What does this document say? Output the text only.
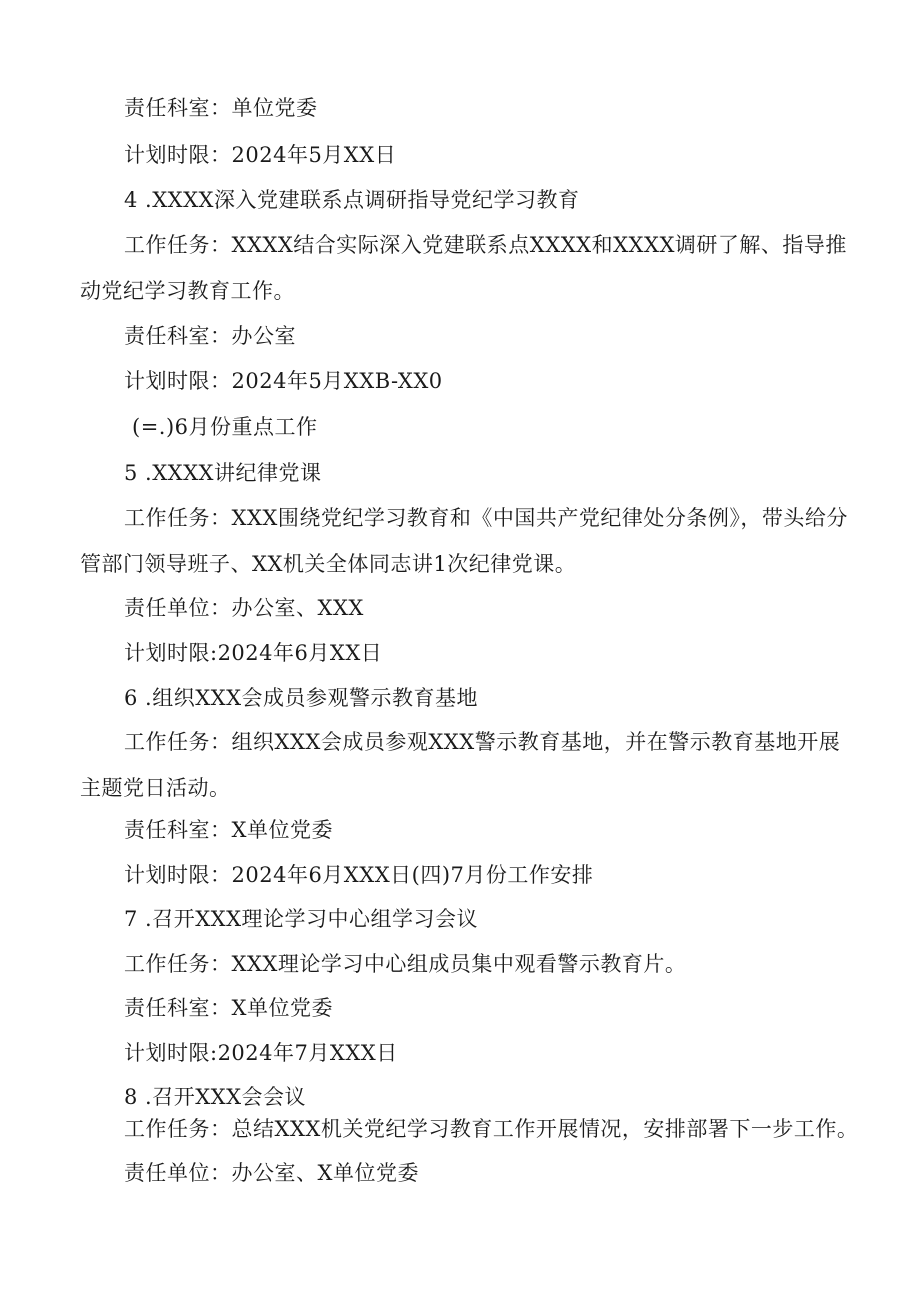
责任科室：单位党委

计划时限：2024年5月XX日

4 .XXXX深入党建联系点调研指导党纪学习教育

工作任务：XXXX结合实际深入党建联系点XXXX和XXXX调研了解、指导推动党纪学习教育工作。

责任科室：办公室

计划时限：2024年5月XXB-XX0

(=.)6月份重点工作

5 .XXXX讲纪律党课

工作任务：XXX围绕党纪学习教育和《中国共产党纪律处分条例》，带头给分管部门领导班子、XX机关全体同志讲1次纪律党课。

责任单位：办公室、XXX

计划时限:2024年6月XX日

6 .组织XXX会成员参观警示教育基地

工作任务：组织XXX会成员参观XXX警示教育基地，并在警示教育基地开展主题党日活动。

责任科室：X单位党委

计划时限：2024年6月XXX日(四)7月份工作安排

7 .召开XXX理论学习中心组学习会议

工作任务：XXX理论学习中心组成员集中观看警示教育片。

责任科室：X单位党委

计划时限:2024年7月XXX日

8 .召开XXX会会议

工作任务：总结XXX机关党纪学习教育工作开展情况，安排部署下一步工作。

责任单位：办公室、X单位党委
